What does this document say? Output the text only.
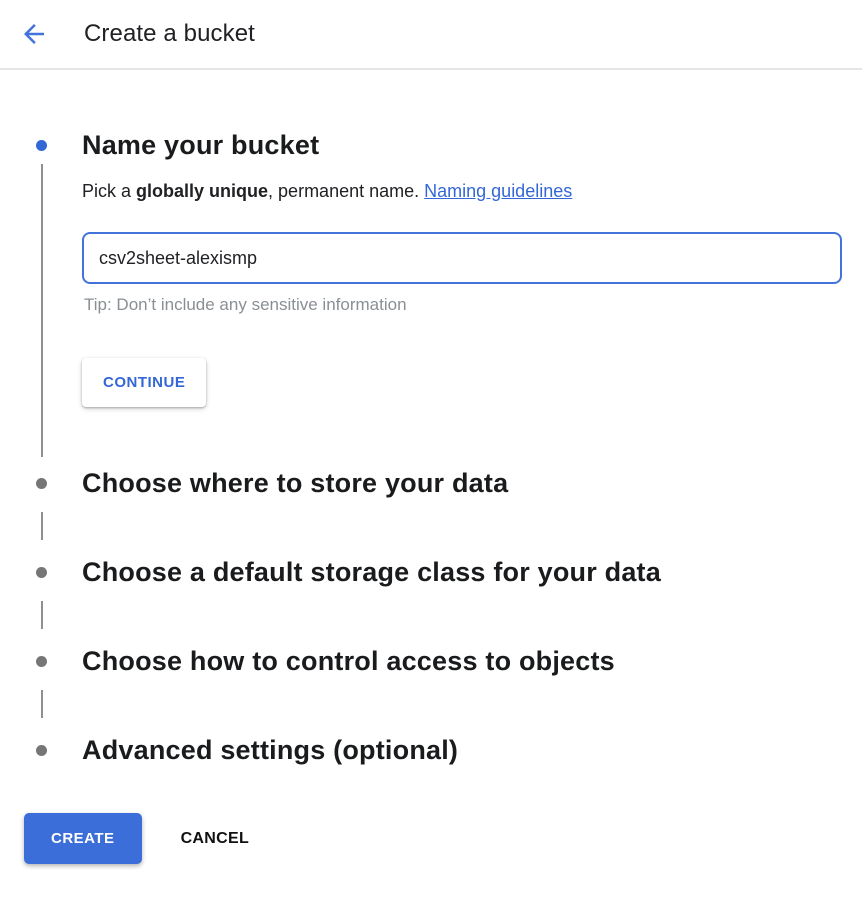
Create a bucket
Name your bucket

Pick a globally unique, permanent name. Naming guidelines

csv2sheet-alexismp

Tip: Don’t include any sensitive information

CONTINUE
Choose where to store your data
Choose a default storage class for your data
Choose how to control access to objects
Advanced settings (optional)
CREATE	CANCEL
